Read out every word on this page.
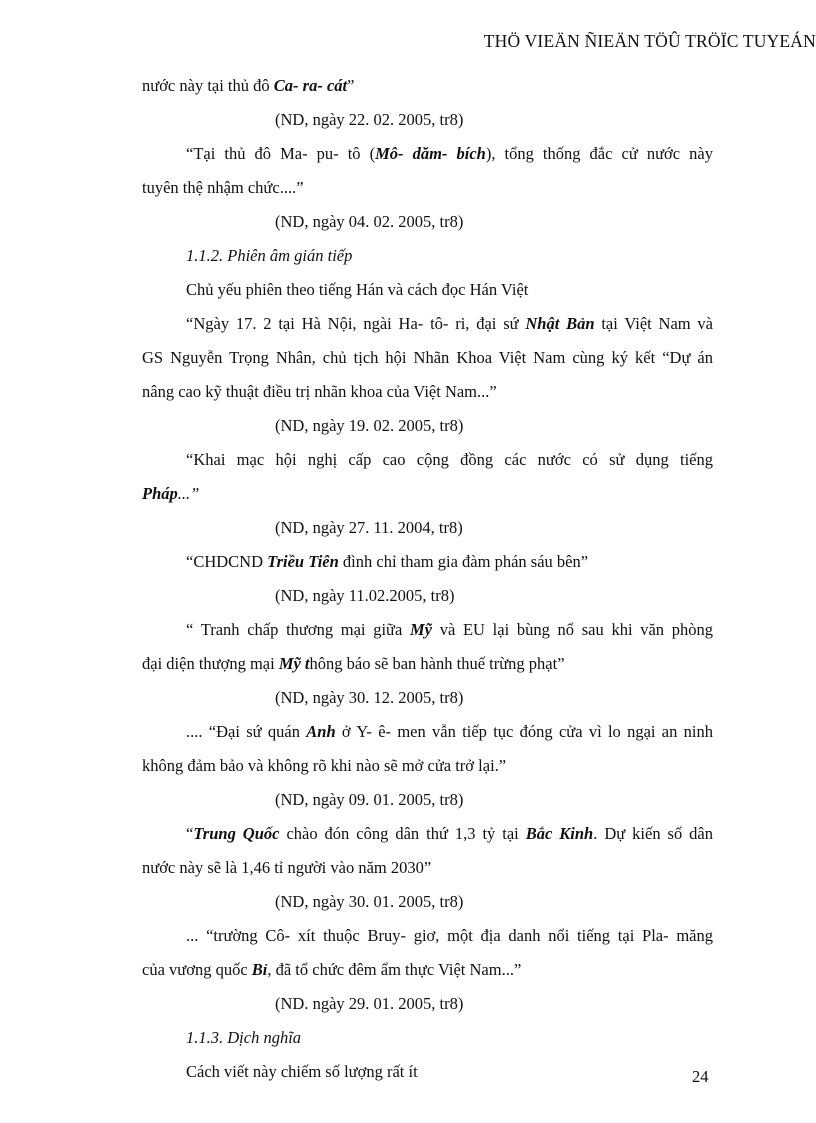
THÖ VIEÄN ÑIEÄN TÖÛ TRÖÏC TUYEÁN
nước này tại thủ đô Ca- ra- cát”
(ND, ngày 22. 02. 2005, tr8)
“Tại thủ đô Ma- pu- tô (Mô- dăm- bích), tổng thống đắc cử nước này
tuyên thệ nhậm chức....”
(ND, ngày 04. 02. 2005, tr8)
1.1.2. Phiên âm gián tiếp
Chủ yếu phiên theo tiếng Hán và cách đọc Hán Việt
“Ngày 17. 2 tại Hà Nội, ngài Ha- tô- ri, đại sứ Nhật Bản tại Việt Nam và
GS Nguyễn Trọng Nhân, chủ tịch hội Nhãn Khoa Việt Nam cùng ký kết “Dự án
nâng cao kỹ thuật điều trị nhãn khoa của Việt Nam...”
(ND, ngày 19. 02. 2005, tr8)
“Khai mạc hội nghị cấp cao cộng đồng các nước có sử dụng tiếng
Pháp...”
(ND, ngày 27. 11. 2004, tr8)
“CHDCND Triều Tiên đình chỉ tham gia đàm phán sáu bên”
(ND, ngày 11.02.2005, tr8)
“ Tranh chấp thương mại giữa Mỹ và EU lại bùng nổ sau khi văn phòng
đại diện thượng mại Mỹ thông báo sẽ ban hành thuế trừng phạt”
(ND, ngày 30. 12. 2005, tr8)
.... “Đại sứ quán Anh ở Y- ê- men vẫn tiếp tục đóng cửa vì lo ngại an ninh
không đảm bảo và không rõ khi nào sẽ mở cửa trở lại.”
(ND, ngày 09. 01. 2005, tr8)
“Trung Quốc chào đón công dân thứ 1,3 tỷ tại Bắc Kinh. Dự kiến số dân
nước này sẽ là 1,46 tỉ người vào năm 2030”
(ND, ngày 30. 01. 2005, tr8)
... “trường Cô- xít thuộc Bruy- giơ, một địa danh nổi tiếng tại Pla- măng
của vương quốc Bỉ, đã tổ chức đêm ẩm thực Việt Nam...”
(ND. ngày 29. 01. 2005, tr8)
1.1.3. Dịch nghĩa
Cách viết này chiếm số lượng rất ít	24
